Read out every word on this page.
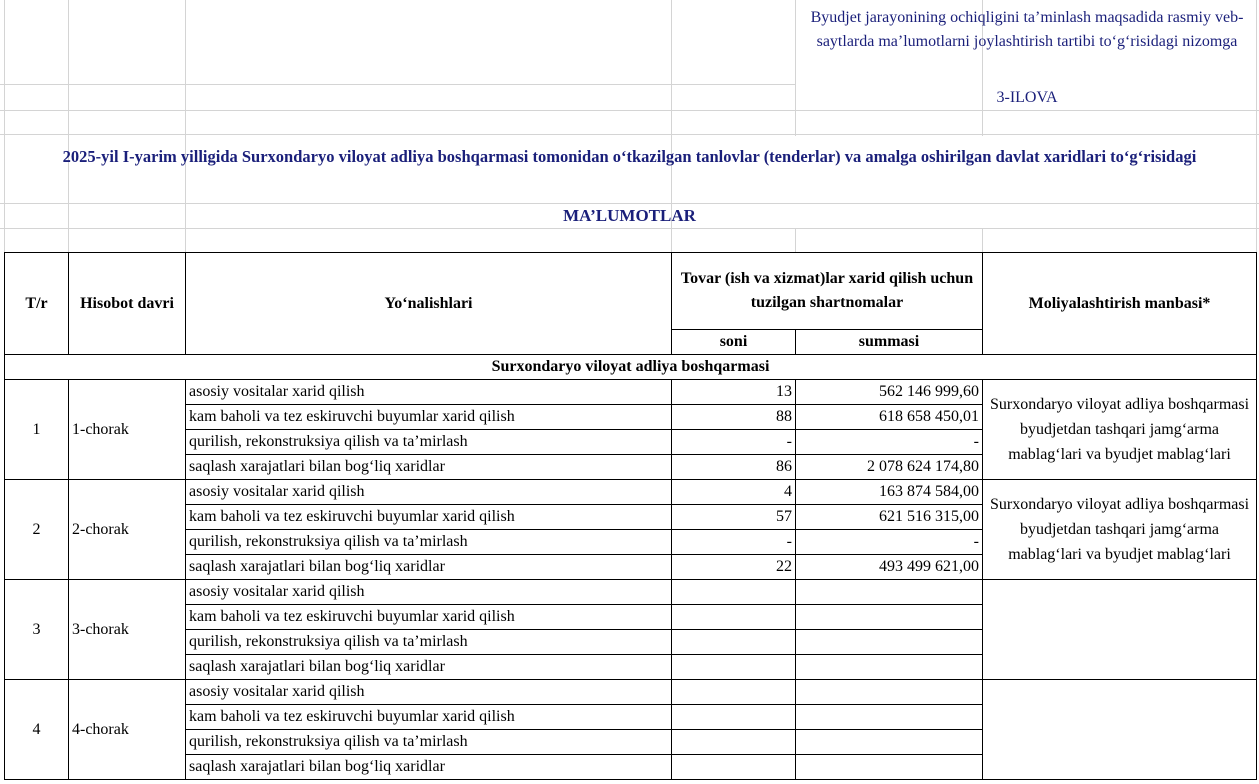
Byudjet jarayonining ochiqligini ta’minlash maqsadida rasmiy veb-saytlarda ma’lumotlarni joylashtirish tartibi to‘g‘risidagi nizomga
3-ILOVA
2025-yil I-yarim yilligida Surxondaryo viloyat adliya boshqarmasi tomonidan o‘tkazilgan tanlovlar (tenderlar) va amalga oshirilgan davlat xaridlari to‘g‘risidagi
MA’LUMOTLAR
T/r	Hisobot davri	Yo‘nalishlari	Tovar (ish va xizmat)lar xarid qilish uchun tuzilgan shartnomalar		Moliyalashtirish manbasi*
			soni	summasi	
Surxondaryo viloyat adliya boshqarmasi					
1	1-chorak	asosiy vositalar xarid qilish	13	562 146 999,60	Surxondaryo viloyat adliya boshqarmasi byudjetdan tashqari jamg‘arma mablag‘lari va byudjet mablag‘lari
		kam baholi va tez eskiruvchi buyumlar xarid qilish	88	618 658 450,01	
		qurilish, rekonstruksiya qilish va ta’mirlash	-	-	
		saqlash xarajatlari bilan bog‘liq xaridlar	86	2 078 624 174,80	
2	2-chorak	asosiy vositalar xarid qilish	4	163 874 584,00	Surxondaryo viloyat adliya boshqarmasi byudjetdan tashqari jamg‘arma mablag‘lari va byudjet mablag‘lari
		kam baholi va tez eskiruvchi buyumlar xarid qilish	57	621 516 315,00	
		qurilish, rekonstruksiya qilish va ta’mirlash	-	-	
		saqlash xarajatlari bilan bog‘liq xaridlar	22	493 499 621,00	
3	3-chorak	asosiy vositalar xarid qilish			
		kam baholi va tez eskiruvchi buyumlar xarid qilish			
		qurilish, rekonstruksiya qilish va ta’mirlash			
		saqlash xarajatlari bilan bog‘liq xaridlar			
4	4-chorak	asosiy vositalar xarid qilish			
		kam baholi va tez eskiruvchi buyumlar xarid qilish			
		qurilish, rekonstruksiya qilish va ta’mirlash			
		saqlash xarajatlari bilan bog‘liq xaridlar			
